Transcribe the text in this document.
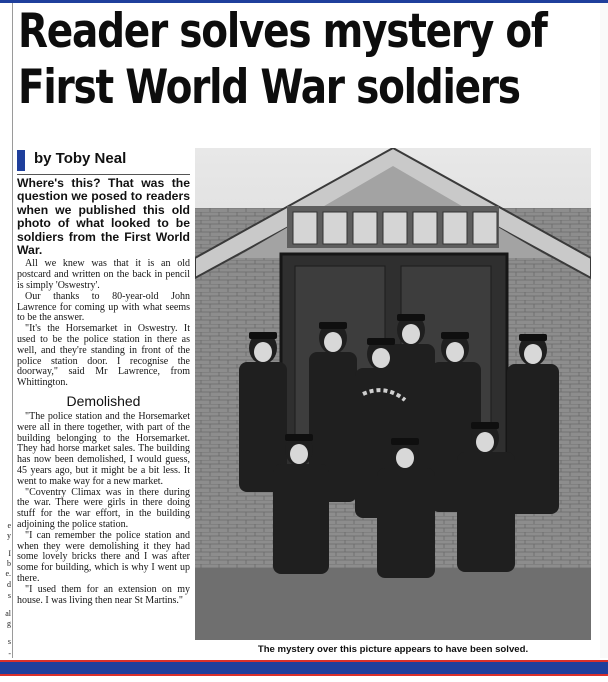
e
y
I
b
e.
d
s
al
g
s
-
Reader solves mystery of
First World War soldiers
by Toby Neal

Where's this? That was the question we posed to readers when we published this old photo of what looked to be soldiers from the First World War.

All we knew was that it is an old postcard and written on the back in pencil is simply 'Oswestry'.

Our thanks to 80-year-old John Lawrence for coming up with what seems to be the answer.

"It's the Horsemarket in Oswestry. It used to be the police station in there as well, and they're standing in front of the police station door. I recognise the doorway," said Mr Lawrence, from Whittington.

Demolished

"The police station and the Horsemarket were all in there together, with part of the building belonging to the Horsemarket. They had horse market sales. The building has now been demolished, I would guess, 45 years ago, but it might be a bit less. It went to make way for a new market.

"Coventry Climax was in there during the war. There were girls in there doing stuff for the war effort, in the building adjoining the police station.

"I can remember the police station and when they were demolishing it they had some lovely bricks there and I was after some for building, which is why I went up there.

"I used them for an extension on my house. I was living then near St Martins."

The mystery over this picture appears to have been solved.
